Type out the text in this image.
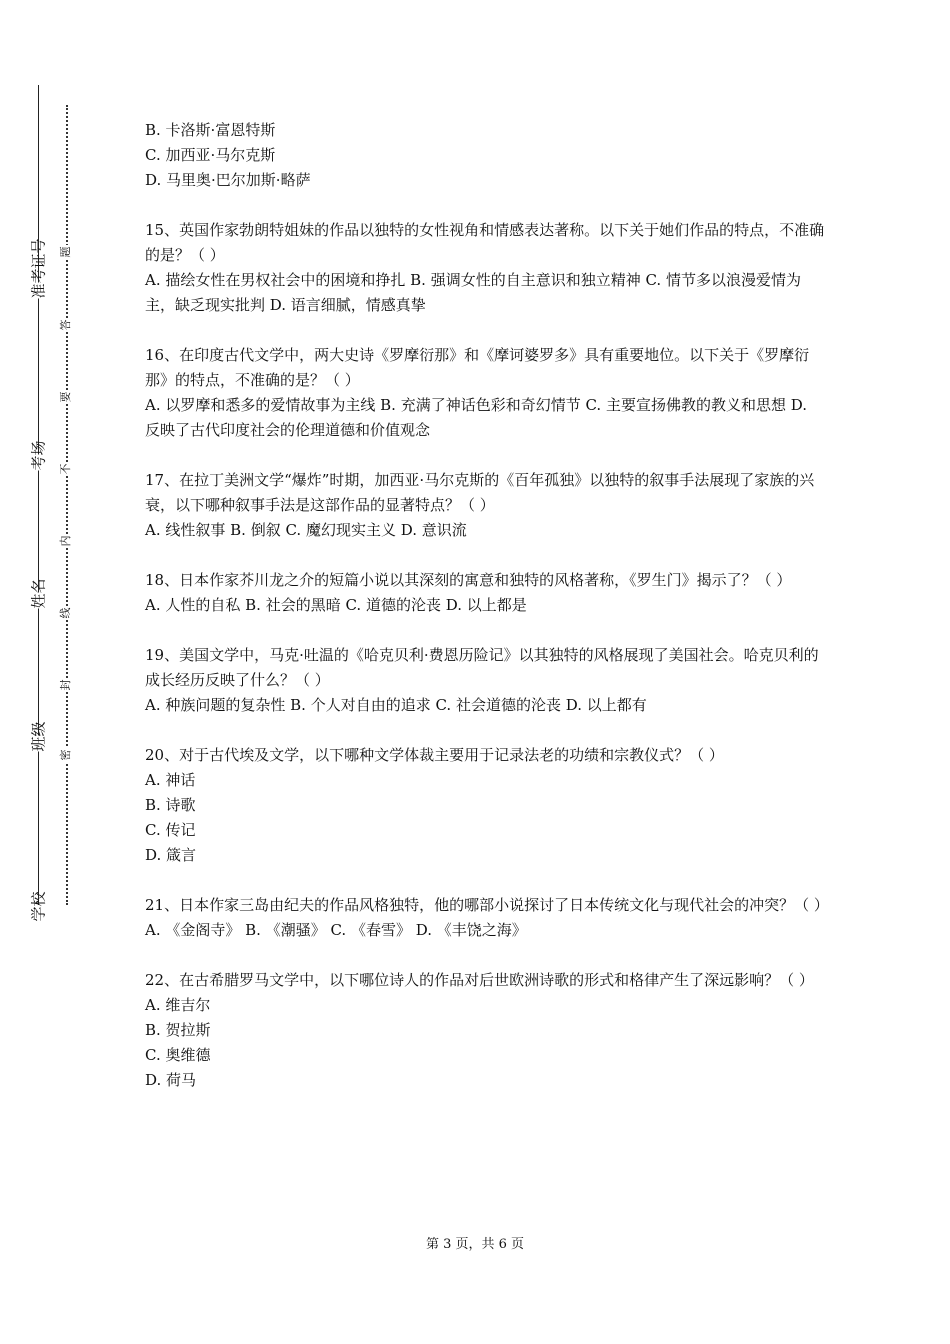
准考证号
考场
姓名
班级
学校
题
答
要
不
内
线
封
密
B. 卡洛斯·富恩特斯
C. 加西亚·马尔克斯
D. 马里奥·巴尔加斯·略萨

15、英国作家勃朗特姐妹的作品以独特的女性视角和情感表达著称。以下关于她们作品的特点，不准确的是？（ ）

A. 描绘女性在男权社会中的困境和挣扎 B. 强调女性的自主意识和独立精神 C. 情节多以浪漫爱情为主，缺乏现实批判 D. 语言细腻，情感真挚

16、在印度古代文学中，两大史诗《罗摩衍那》和《摩诃婆罗多》具有重要地位。以下关于《罗摩衍那》的特点，不准确的是？（ ）

A. 以罗摩和悉多的爱情故事为主线 B. 充满了神话色彩和奇幻情节 C. 主要宣扬佛教的教义和思想 D. 反映了古代印度社会的伦理道德和价值观念

17、在拉丁美洲文学“爆炸”时期，加西亚·马尔克斯的《百年孤独》以独特的叙事手法展现了家族的兴衰，以下哪种叙事手法是这部作品的显著特点？（ ）

A. 线性叙事 B. 倒叙 C. 魔幻现实主义 D. 意识流

18、日本作家芥川龙之介的短篇小说以其深刻的寓意和独特的风格著称，《罗生门》揭示了？（ ）

A. 人性的自私 B. 社会的黑暗 C. 道德的沦丧 D. 以上都是

19、美国文学中，马克·吐温的《哈克贝利·费恩历险记》以其独特的风格展现了美国社会。哈克贝利的成长经历反映了什么？（ ）

A. 种族问题的复杂性 B. 个人对自由的追求 C. 社会道德的沦丧 D. 以上都有

20、对于古代埃及文学，以下哪种文学体裁主要用于记录法老的功绩和宗教仪式？（ ）

A. 神话
B. 诗歌
C. 传记
D. 箴言

21、日本作家三岛由纪夫的作品风格独特，他的哪部小说探讨了日本传统文化与现代社会的冲突？（ ）

A. 《金阁寺》 B. 《潮骚》 C. 《春雪》 D. 《丰饶之海》

22、在古希腊罗马文学中，以下哪位诗人的作品对后世欧洲诗歌的形式和格律产生了深远影响？（ ）

A. 维吉尔
B. 贺拉斯
C. 奥维德
D. 荷马
第 3 页，共 6 页
